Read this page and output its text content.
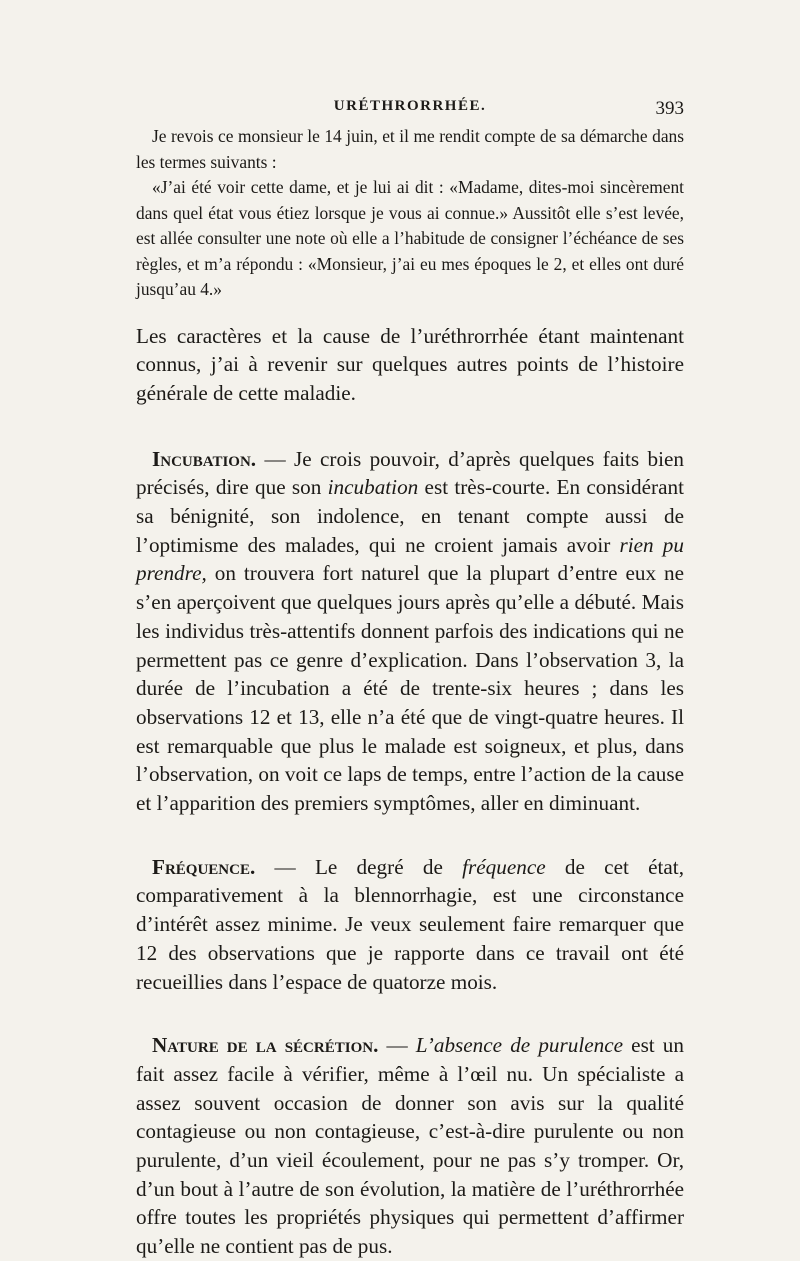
URÉTHRORRHÉE.	393

Je revois ce monsieur le 14 juin, et il me rendit compte de sa démarche dans les termes suivants :

«J’ai été voir cette dame, et je lui ai dit : «Madame, dites-moi sincèrement dans quel état vous étiez lorsque je vous ai connue.» Aussitôt elle s’est levée, est allée consulter une note où elle a l’habitude de consigner l’échéance de ses règles, et m’a répondu : «Monsieur, j’ai eu mes époques le 2, et elles ont duré jusqu’au 4.»

Les caractères et la cause de l’uréthrorrhée étant maintenant connus, j’ai à revenir sur quelques autres points de l’histoire générale de cette maladie.

Incubation. — Je crois pouvoir, d’après quelques faits bien précisés, dire que son incubation est très-courte. En considérant sa bénignité, son indolence, en tenant compte aussi de l’optimisme des malades, qui ne croient jamais avoir rien pu prendre, on trouvera fort naturel que la plupart d’entre eux ne s’en aperçoivent que quelques jours après qu’elle a débuté. Mais les individus très-attentifs donnent parfois des indications qui ne permettent pas ce genre d’explication. Dans l’observation 3, la durée de l’incubation a été de trente-six heures ; dans les observations 12 et 13, elle n’a été que de vingt-quatre heures. Il est remarquable que plus le malade est soigneux, et plus, dans l’observation, on voit ce laps de temps, entre l’action de la cause et l’apparition des premiers symptômes, aller en diminuant.

Fréquence. — Le degré de fréquence de cet état, comparativement à la blennorrhagie, est une circonstance d’intérêt assez minime. Je veux seulement faire remarquer que 12 des observations que je rapporte dans ce travail ont été recueillies dans l’espace de quatorze mois.

Nature de la sécrétion. — L’absence de purulence est un fait assez facile à vérifier, même à l’œil nu. Un spécialiste a assez souvent occasion de donner son avis sur la qualité contagieuse ou non contagieuse, c’est-à-dire purulente ou non purulente, d’un vieil écoulement, pour ne pas s’y tromper. Or, d’un bout à l’autre de son évolution, la matière de l’uréthrorrhée offre toutes les propriétés physiques qui permettent d’affirmer qu’elle ne contient pas de pus.
